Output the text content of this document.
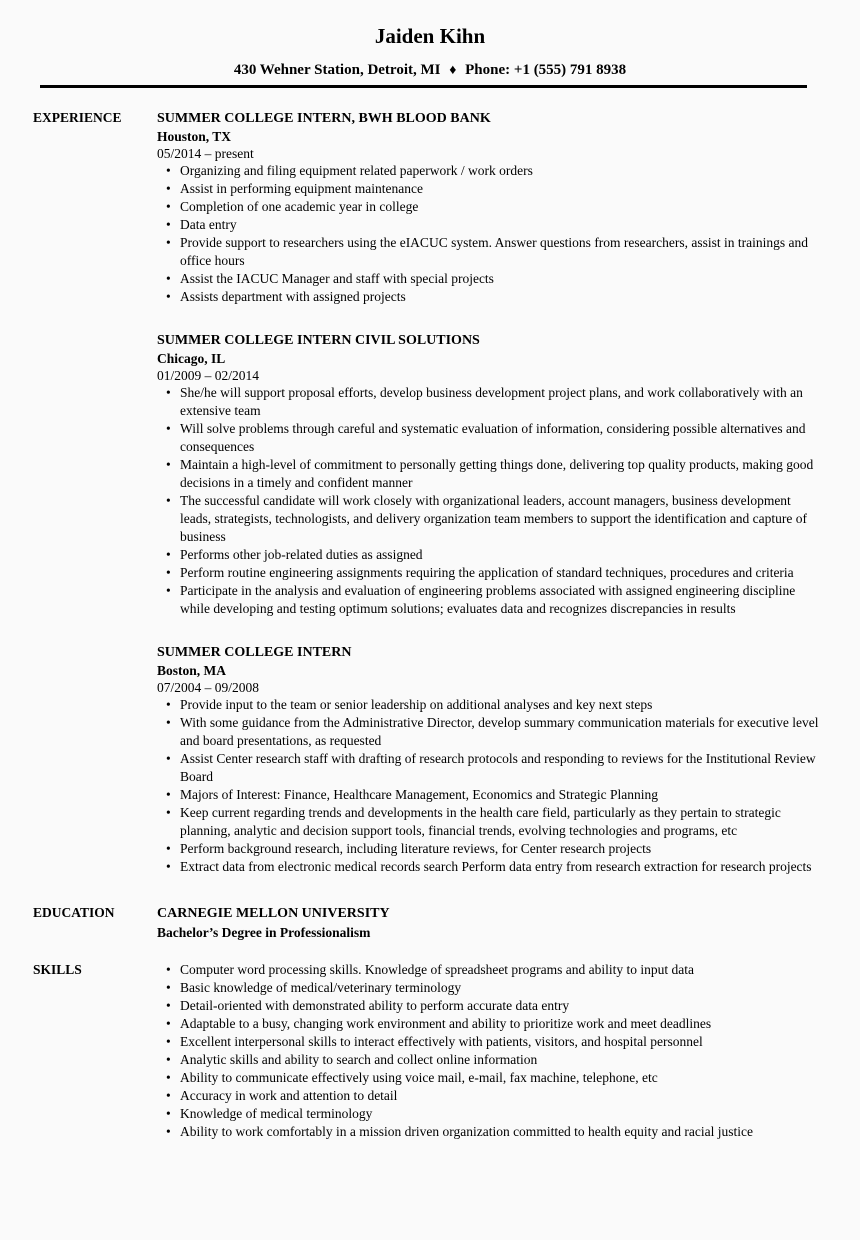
Jaiden Kihn
430 Wehner Station, Detroit, MI ♦ Phone: +1 (555) 791 8938
EXPERIENCE	SUMMER COLLEGE INTERN, BWH BLOOD BANK
Houston, TX
05/2014 – present
• Organizing and filing equipment related paperwork / work orders
• Assist in performing equipment maintenance
• Completion of one academic year in college
• Data entry
• Provide support to researchers using the eIACUC system. Answer questions from researchers, assist in trainings and office hours
• Assist the IACUC Manager and staff with special projects
• Assists department with assigned projects
SUMMER COLLEGE INTERN CIVIL SOLUTIONS
Chicago, IL
01/2009 – 02/2014
• She/he will support proposal efforts, develop business development project plans, and work collaboratively with an extensive team
• Will solve problems through careful and systematic evaluation of information, considering possible alternatives and consequences
• Maintain a high-level of commitment to personally getting things done, delivering top quality products, making good decisions in a timely and confident manner
• The successful candidate will work closely with organizational leaders, account managers, business development leads, strategists, technologists, and delivery organization team members to support the identification and capture of business
• Performs other job-related duties as assigned
• Perform routine engineering assignments requiring the application of standard techniques, procedures and criteria
• Participate in the analysis and evaluation of engineering problems associated with assigned engineering discipline while developing and testing optimum solutions; evaluates data and recognizes discrepancies in results
SUMMER COLLEGE INTERN
Boston, MA
07/2004 – 09/2008
• Provide input to the team or senior leadership on additional analyses and key next steps
• With some guidance from the Administrative Director, develop summary communication materials for executive level and board presentations, as requested
• Assist Center research staff with drafting of research protocols and responding to reviews for the Institutional Review Board
• Majors of Interest: Finance, Healthcare Management, Economics and Strategic Planning
• Keep current regarding trends and developments in the health care field, particularly as they pertain to strategic planning, analytic and decision support tools, financial trends, evolving technologies and programs, etc
• Perform background research, including literature reviews, for Center research projects
• Extract data from electronic medical records search Perform data entry from research extraction for research projects
EDUCATION	CARNEGIE MELLON UNIVERSITY
Bachelor’s Degree in Professionalism
SKILLS	• Computer word processing skills. Knowledge of spreadsheet programs and ability to input data
• Basic knowledge of medical/veterinary terminology
• Detail-oriented with demonstrated ability to perform accurate data entry
• Adaptable to a busy, changing work environment and ability to prioritize work and meet deadlines
• Excellent interpersonal skills to interact effectively with patients, visitors, and hospital personnel
• Analytic skills and ability to search and collect online information
• Ability to communicate effectively using voice mail, e-mail, fax machine, telephone, etc
• Accuracy in work and attention to detail
• Knowledge of medical terminology
• Ability to work comfortably in a mission driven organization committed to health equity and racial justice
